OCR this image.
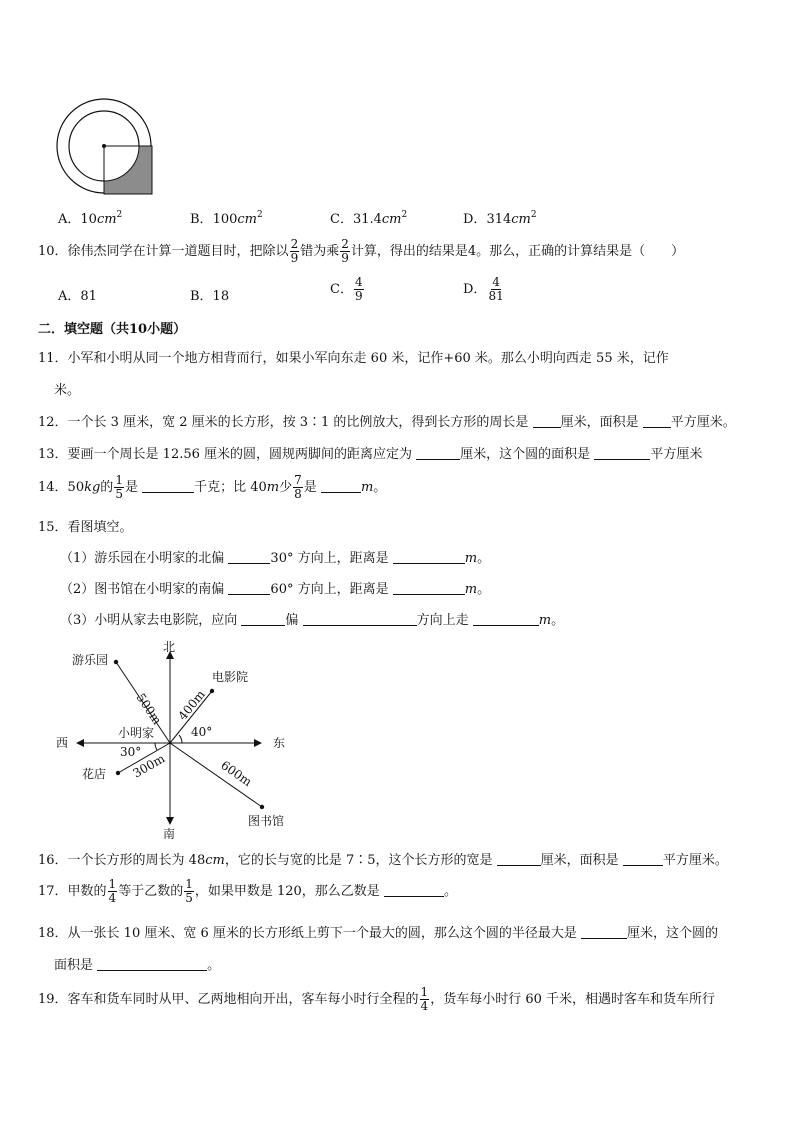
A．$10cm^2$	B．$100cm^2$	C．$31.4cm^2$	D．$314cm^2$
10．徐伟杰同学在计算一道题目时，把除以 $\frac{2}{9}$ 错为乘 $\frac{2}{9}$ 计算，得出的结果是4。那么，正确的计算结果是（　　）
A．81	B．18	C． $\frac{4}{9}$	D． $\frac{4}{81}$
二．填空题（共10小题）
11．小军和小明从同一个地方相背而行，如果小军向东走 60 米，记作+60 米。那么小明向西走 55 米，记作
米。
12．一个长 3 厘米，宽 2 厘米的长方形，按 3∶1 的比例放大，得到长方形的周长是 厘米，面积是 平方厘米。
13．要画一个周长是 12.56 厘米的圆，圆规两脚间的距离应定为	厘米，这个圆的面积是	平方厘米
14．50kg的 $\frac{1}{5}$ 是	千克；比 40m少 $\frac{7}{8}$ 是	m。
15．看图填空。
（1）游乐园在小明家的北偏	30° 方向上，距离是	m。
（2）图书馆在小明家的南偏	60° 方向上，距离是	m。
（3）小明从家去电影院，应向	偏	方向上走	m。
北
南
东
西
小明家
游乐园
电影院
花店
图书馆
500m 400m
300m	600m
40°
30°
16．一个长方形的周长为 48cm，它的长与宽的比是 7∶5，这个长方形的宽是	厘米，面积是	平方厘米。
17．甲数的 $\frac{1}{4}$ 等于乙数的 $\frac{1}{5}$ ，如果甲数是 120，那么乙数是	。
18．从一张长 10 厘米、宽 6 厘米的长方形纸上剪下一个最大的圆，那么这个圆的半径最大是	厘米，这个圆的
面积是	。
19．客车和货车同时从甲、乙两地相向开出，客车每小时行全程的 $\frac{1}{4}$ ，货车每小时行 60 千米，相遇时客车和货车所行
